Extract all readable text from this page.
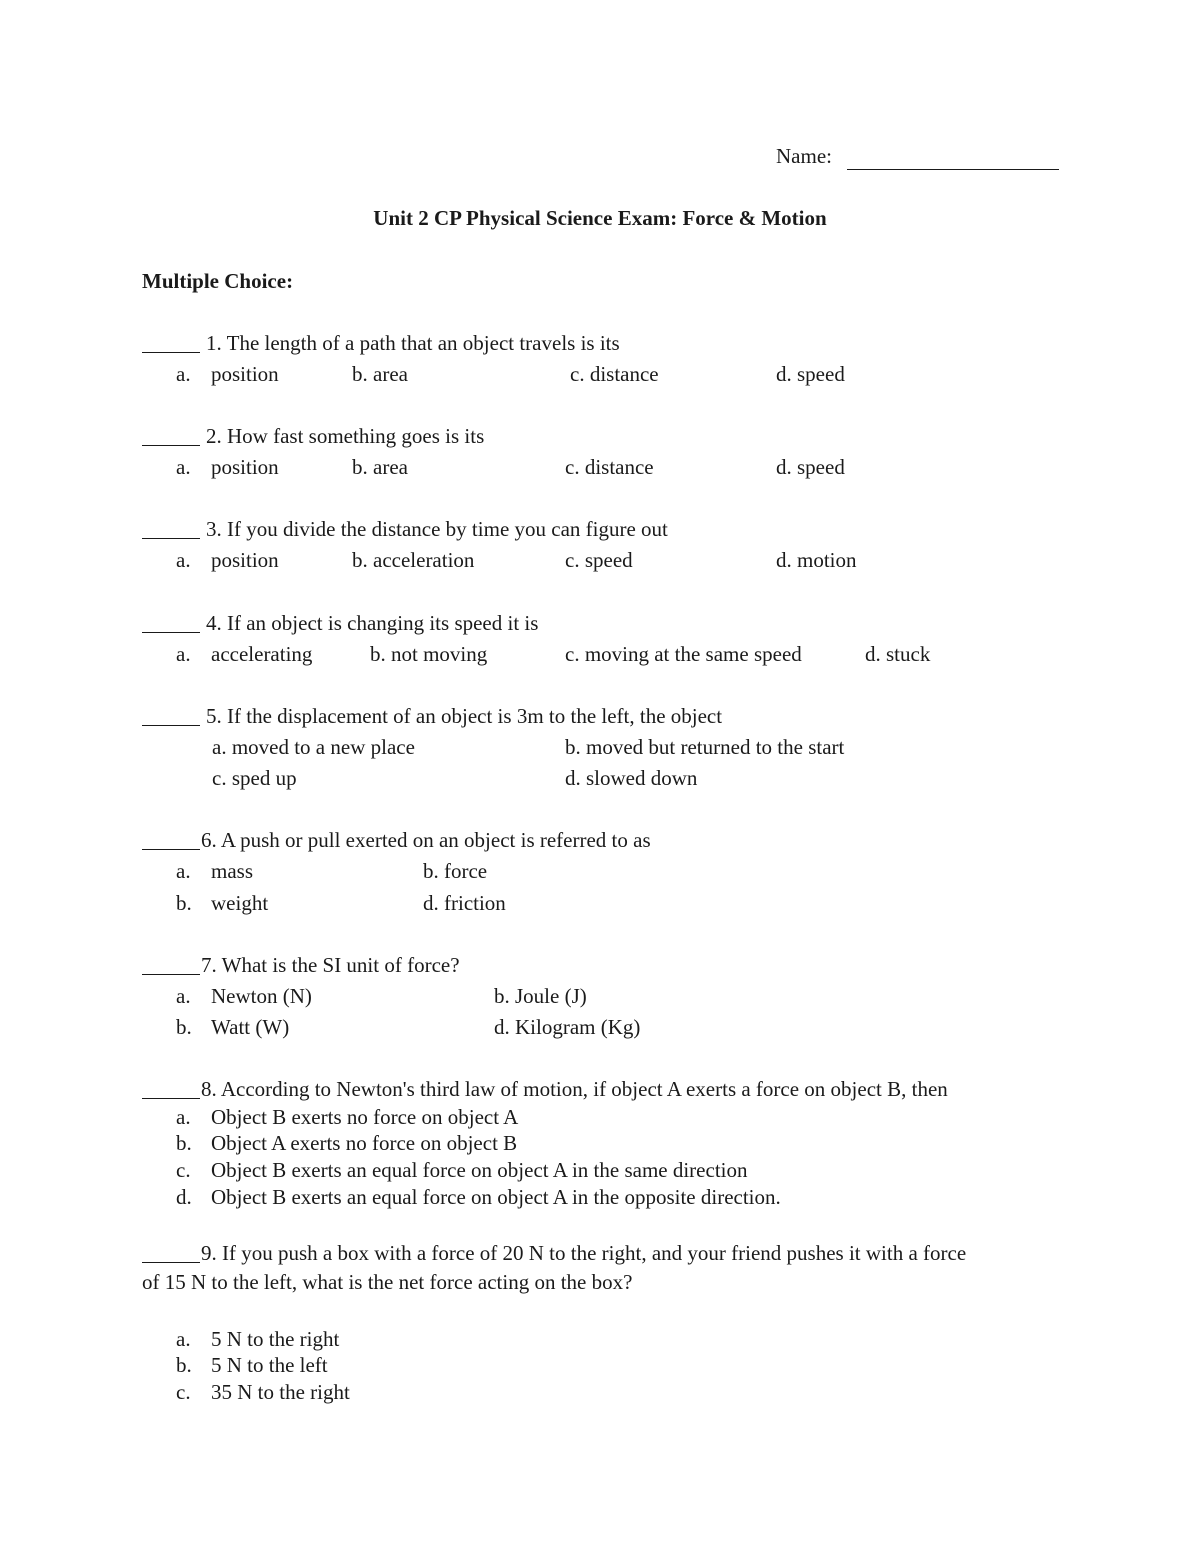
Name:
Unit 2 CP Physical Science Exam: Force & Motion
Multiple Choice:
1. The length of a path that an object travels is its
a. position	b. area	c. distance	d. speed
2. How fast something goes is its
a. position	b. area	c. distance	d. speed
3. If you divide the distance by time you can figure out
a. position	b. acceleration	c. speed	d. motion
4. If an object is changing its speed it is
a. accelerating	b. not moving	c. moving at the same speed	d. stuck
5. If the displacement of an object is 3m to the left, the object
a. moved to a new place	b. moved but returned to the start
c. sped up	d. slowed down
6. A push or pull exerted on an object is referred to as
a. mass	b. force
b. weight	d. friction
7. What is the SI unit of force?
a. Newton (N)	b. Joule (J)
b. Watt (W)	d. Kilogram (Kg)
8. According to Newton's third law of motion, if object A exerts a force on object B, then
a. Object B exerts no force on object A
b. Object A exerts no force on object B
c. Object B exerts an equal force on object A in the same direction
d. Object B exerts an equal force on object A in the opposite direction.
9. If you push a box with a force of 20 N to the right, and your friend pushes it with a force
of 15 N to the left, what is the net force acting on the box?
a. 5 N to the right
b. 5 N to the left
c. 35 N to the right
